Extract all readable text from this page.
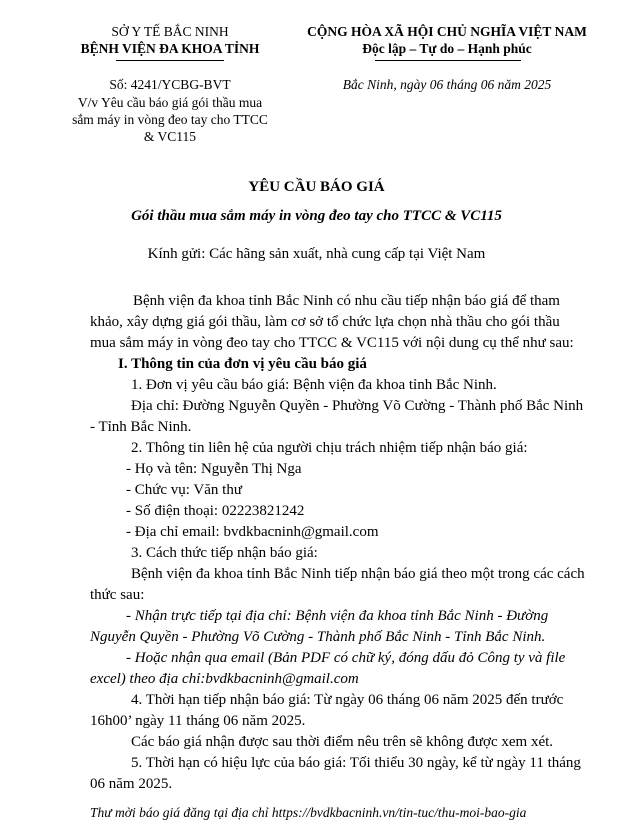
SỞ Y TẾ BẮC NINH
BỆNH VIỆN ĐA KHOA TỈNH
Số: 4241/YCBG-BVT
V/v Yêu cầu báo giá gói thầu mua
sắm máy in vòng đeo tay cho TTCC
& VC115
CỘNG HÒA XÃ HỘI CHỦ NGHĨA VIỆT NAM
Độc lập – Tự do – Hạnh phúc
Bắc Ninh, ngày 06 tháng 06 năm 2025
YÊU CẦU BÁO GIÁ
Gói thầu mua sắm máy in vòng đeo tay cho TTCC & VC115
Kính gửi: Các hãng sản xuất, nhà cung cấp tại Việt Nam
Bệnh viện đa khoa tỉnh Bắc Ninh có nhu cầu tiếp nhận báo giá để tham
khảo, xây dựng giá gói thầu, làm cơ sở tổ chức lựa chọn nhà thầu cho gói thầu
mua sắm máy in vòng đeo tay cho TTCC & VC115 với nội dung cụ thể như sau:
I. Thông tin của đơn vị yêu cầu báo giá
1. Đơn vị yêu cầu báo giá: Bệnh viện đa khoa tỉnh Bắc Ninh.
Địa chỉ: Đường Nguyễn Quyền - Phường Võ Cường - Thành phố Bắc Ninh
- Tỉnh Bắc Ninh.
2. Thông tin liên hệ của người chịu trách nhiệm tiếp nhận báo giá:
- Họ và tên: Nguyễn Thị Nga
- Chức vụ: Văn thư
- Số điện thoại: 02223821242
- Địa chỉ email: bvdkbacninh@gmail.com
3. Cách thức tiếp nhận báo giá:
Bệnh viện đa khoa tỉnh Bắc Ninh tiếp nhận báo giá theo một trong các cách
thức sau:
- Nhận trực tiếp tại địa chỉ: Bệnh viện đa khoa tỉnh Bắc Ninh - Đường
Nguyễn Quyền - Phường Võ Cường - Thành phố Bắc Ninh - Tỉnh Bắc Ninh.
- Hoặc nhận qua email (Bản PDF có chữ ký, đóng dấu đỏ Công ty và file
excel) theo địa chỉ:bvdkbacninh@gmail.com
4. Thời hạn tiếp nhận báo giá: Từ ngày 06 tháng 06 năm 2025 đến trước
16h00’ ngày 11 tháng 06 năm 2025.
Các báo giá nhận được sau thời điểm nêu trên sẽ không được xem xét.
5. Thời hạn có hiệu lực của báo giá: Tối thiểu 30 ngày, kể từ ngày 11 tháng
06 năm 2025.
Thư mời báo giá đăng tại địa chỉ https://bvdkbacninh.vn/tin-tuc/thu-moi-bao-gia
